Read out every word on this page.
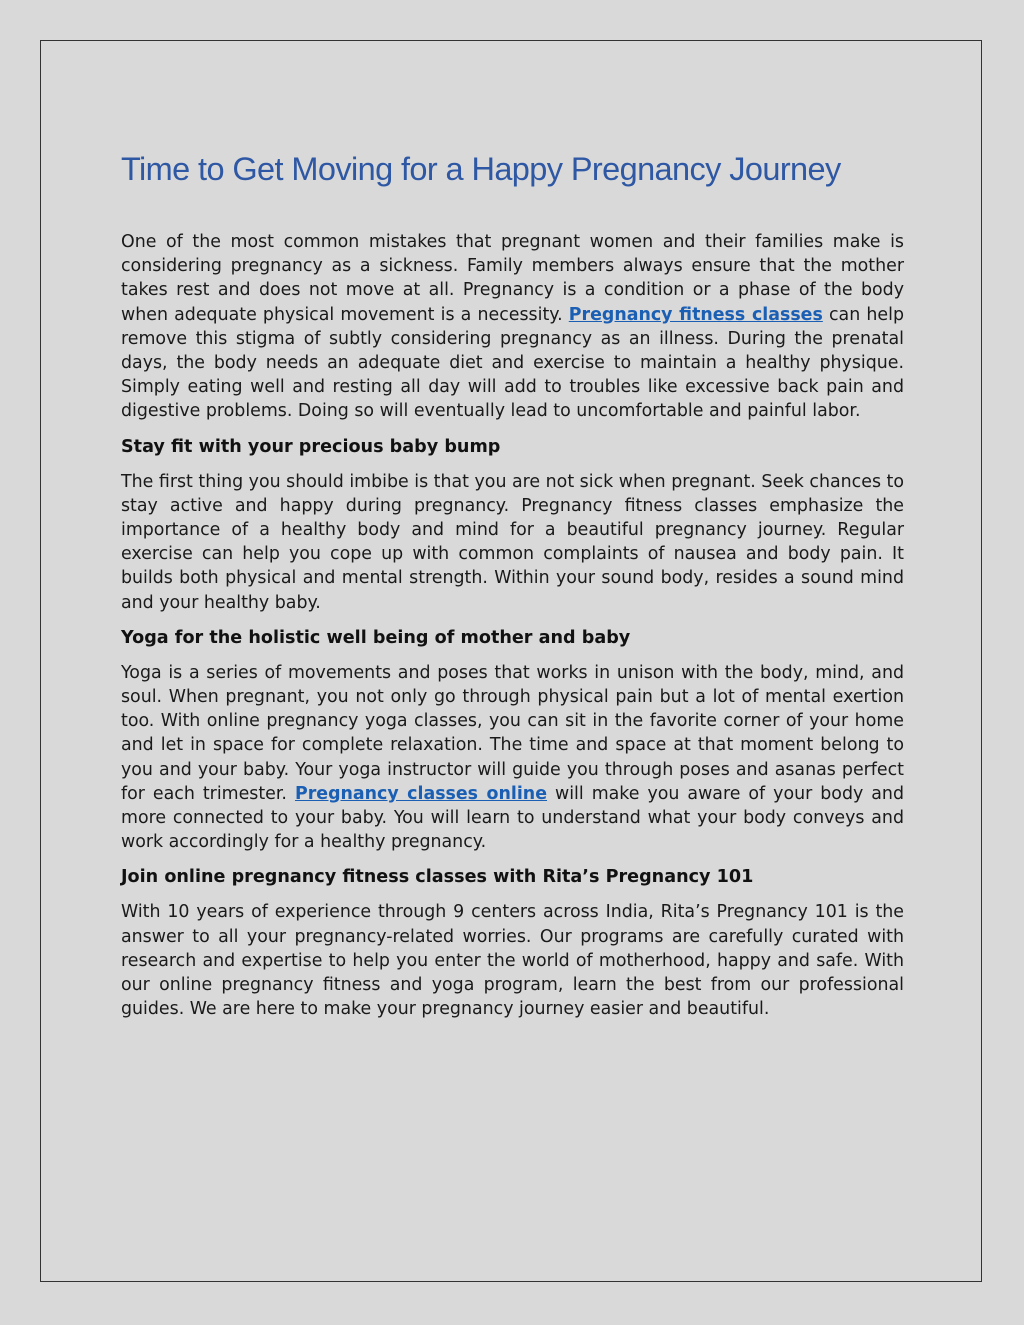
Time to Get Moving for a Happy Pregnancy Journey

One of the most common mistakes that pregnant women and their families make is considering pregnancy as a sickness. Family members always ensure that the mother takes rest and does not move at all. Pregnancy is a condition or a phase of the body when adequate physical movement is a necessity. Pregnancy fitness classes can help remove this stigma of subtly considering pregnancy as an illness. During the prenatal days, the body needs an adequate diet and exercise to maintain a healthy physique. Simply eating well and resting all day will add to troubles like excessive back pain and digestive problems. Doing so will eventually lead to uncomfortable and painful labor.

Stay fit with your precious baby bump

The first thing you should imbibe is that you are not sick when pregnant. Seek chances to stay active and happy during pregnancy. Pregnancy fitness classes emphasize the importance of a healthy body and mind for a beautiful pregnancy journey. Regular exercise can help you cope up with common complaints of nausea and body pain. It builds both physical and mental strength. Within your sound body, resides a sound mind and your healthy baby.

Yoga for the holistic well being of mother and baby

Yoga is a series of movements and poses that works in unison with the body, mind, and soul. When pregnant, you not only go through physical pain but a lot of mental exertion too. With online pregnancy yoga classes, you can sit in the favorite corner of your home and let in space for complete relaxation. The time and space at that moment belong to you and your baby. Your yoga instructor will guide you through poses and asanas perfect for each trimester. Pregnancy classes online will make you aware of your body and more connected to your baby. You will learn to understand what your body conveys and work accordingly for a healthy pregnancy.

Join online pregnancy fitness classes with Rita’s Pregnancy 101

With 10 years of experience through 9 centers across India, Rita’s Pregnancy 101 is the answer to all your pregnancy-related worries. Our programs are carefully curated with research and expertise to help you enter the world of motherhood, happy and safe. With our online pregnancy fitness and yoga program, learn the best from our professional guides. We are here to make your pregnancy journey easier and beautiful.
